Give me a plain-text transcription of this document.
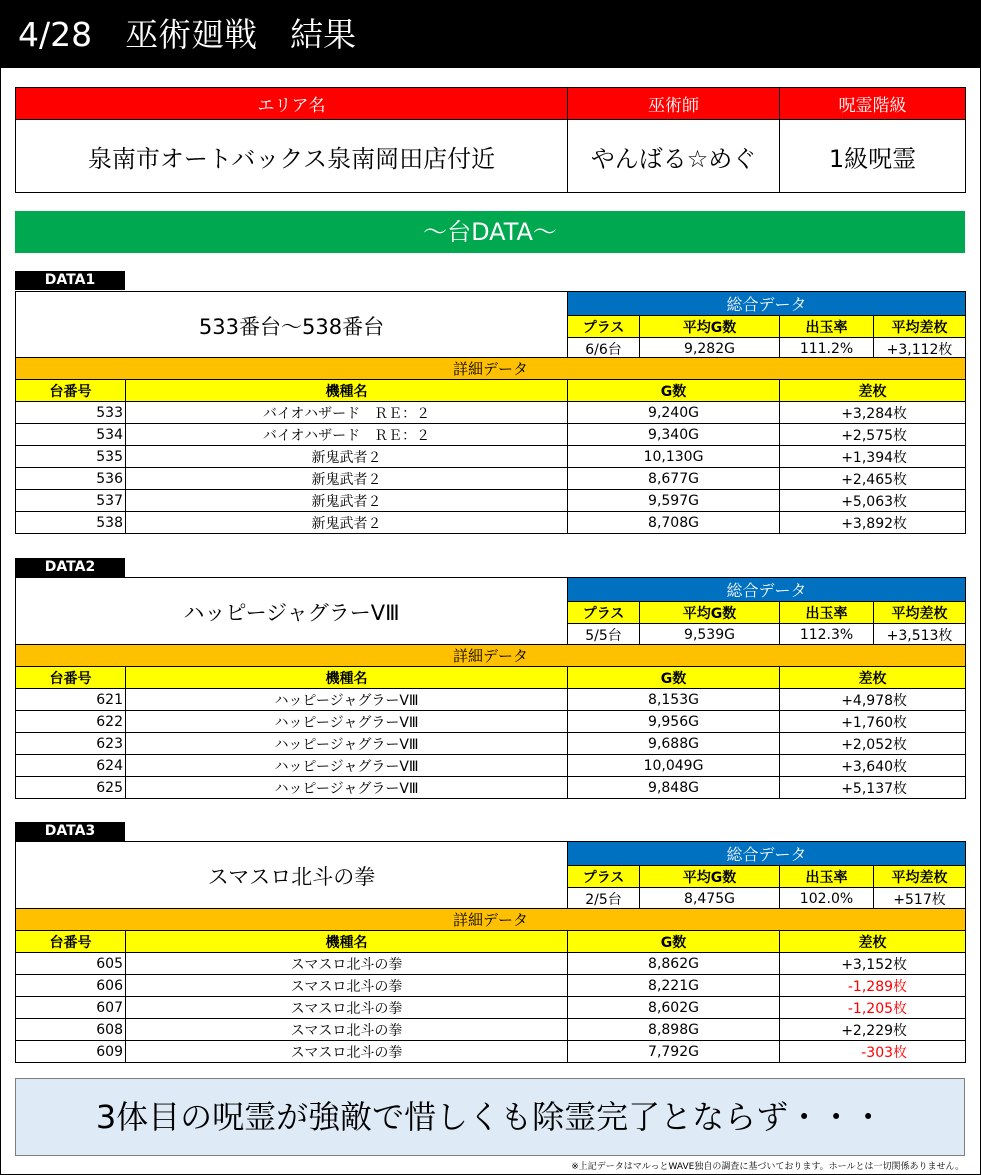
4/28　巫術廻戦　結果
エリア名	巫術師	呪霊階級
泉南市オートバックス泉南岡田店付近	やんばる☆めぐ	1級呪霊
～台DATA～
DATA1
533番台～538番台	総合データ			
	プラス	平均G数	出玉率	平均差枚
	6/6台	9,282G	111.2%	+3,112枚
詳細データ			
台番号	機種名	G数	差枚
533	バイオハザード　ＲＥ：２	9,240G	+3,284枚
534	バイオハザード　ＲＥ：２	9,340G	+2,575枚
535	新鬼武者２	10,130G	+1,394枚
536	新鬼武者２	8,677G	+2,465枚
537	新鬼武者２	9,597G	+5,063枚
538	新鬼武者２	8,708G	+3,892枚
DATA2
ハッピージャグラーⅤⅢ	総合データ			
	プラス	平均G数	出玉率	平均差枚
	5/5台	9,539G	112.3%	+3,513枚
詳細データ			
台番号	機種名	G数	差枚
621	ハッピージャグラーⅤⅢ	8,153G	+4,978枚
622	ハッピージャグラーⅤⅢ	9,956G	+1,760枚
623	ハッピージャグラーⅤⅢ	9,688G	+2,052枚
624	ハッピージャグラーⅤⅢ	10,049G	+3,640枚
625	ハッピージャグラーⅤⅢ	9,848G	+5,137枚
DATA3
スマスロ北斗の拳	総合データ			
	プラス	平均G数	出玉率	平均差枚
	2/5台	8,475G	102.0%	+517枚
詳細データ			
台番号	機種名	G数	差枚
605	スマスロ北斗の拳	8,862G	+3,152枚
606	スマスロ北斗の拳	8,221G	-1,289枚
607	スマスロ北斗の拳	8,602G	-1,205枚
608	スマスロ北斗の拳	8,898G	+2,229枚
609	スマスロ北斗の拳	7,792G	-303枚
3体目の呪霊が強敵で惜しくも除霊完了とならず・・・
※上記データはマルっとWAVE独自の調査に基づいております。ホールとは一切関係ありません。
